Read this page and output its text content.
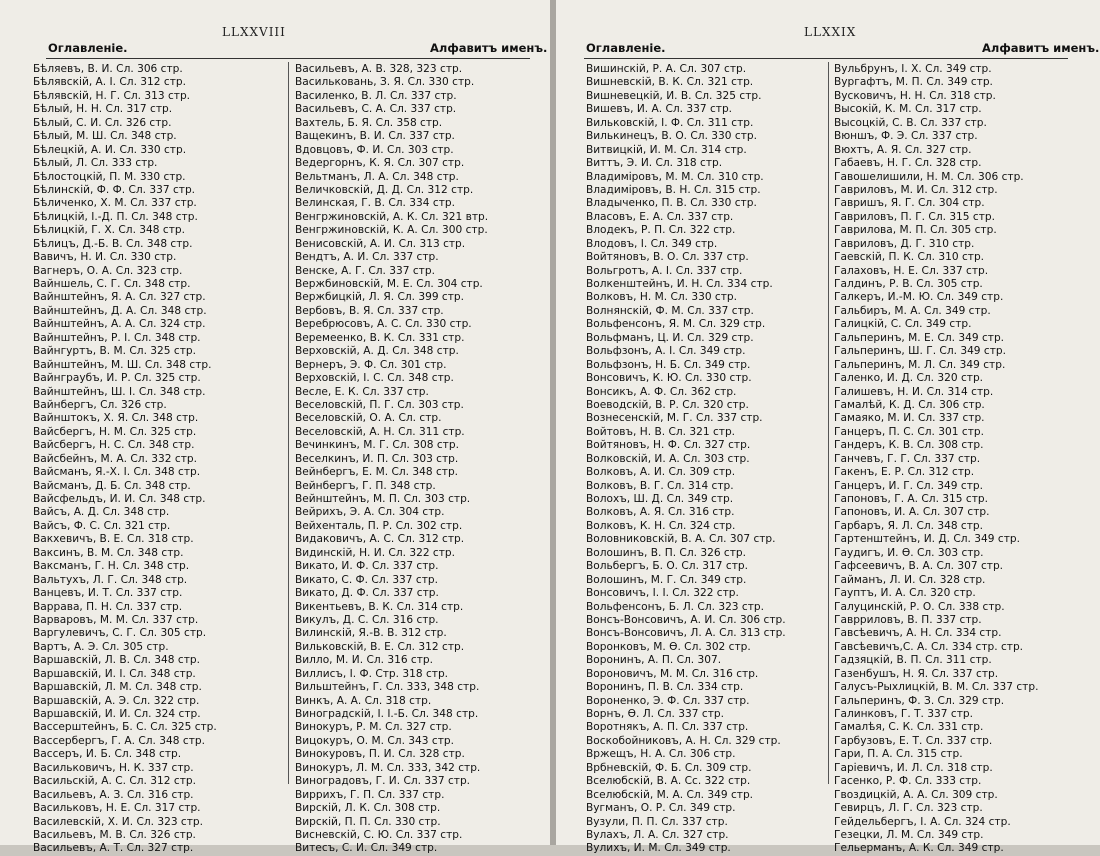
LLXXVIII
Оглавленіе.	Алфавитъ именъ.
Бѣляевъ, В. И. Сл. 306 стр.
Бѣлявскій, А. І. Сл. 312 стр.
Бѣлявскій, Н. Г. Сл. 313 стр.
Бѣлый, Н. Н. Сл. 317 стр.
Бѣлый, С. И. Сл. 326 стр.
Бѣлый, М. Ш. Сл. 348 стр.
Бѣлецкій, А. И. Сл. 330 стр.
Бѣлый, Л. Сл. 333 стр.
Бѣлостоцкій, П. М. 330 стр.
Бѣлинскій, Ф. Ф. Сл. 337 стр.
Бѣличенко, Х. М. Сл. 337 стр.
Бѣлицкій, І.-Д. П. Сл. 348 стр.
Бѣлицкій, Г. Х. Сл. 348 стр.
Бѣлицъ, Д.-Б. В. Сл. 348 стр.
Вавичъ, Н. И. Сл. 330 стр.
Вагнеръ, О. А. Сл. 323 стр.
Вайншель, С. Г. Сл. 348 стр.
Вайнштейнъ, Я. А. Сл. 327 стр.
Вайнштейнъ, Д. А. Сл. 348 стр.
Вайнштейнъ, А. А. Сл. 324 стр.
Вайнштейнъ, Р. І. Сл. 348 стр.
Вайнгуртъ, В. М. Сл. 325 стр.
Вайнштейнъ, М. Ш. Сл. 348 стр.
Вайнграубъ, И. Р. Сл. 325 стр.
Вайнштейнъ, Ш. І. Сл. 348 стр.
Вайнбергъ, Сл. 326 стр.
Вайнштокъ, Х. Я. Сл. 348 стр.
Вайсбергъ, Н. М. Сл. 325 стр.
Вайсбергъ, Н. С. Сл. 348 стр.
Вайсбейнъ, М. А. Сл. 332 стр.
Вайсманъ, Я.-Х. І. Сл. 348 стр.
Вайсманъ, Д. Б. Сл. 348 стр.
Вайсфельдъ, И. И. Сл. 348 стр.
Вайсъ, А. Д. Сл. 348 стр.
Вайсъ, Ф. С. Сл. 321 стр.
Вакхевичъ, В. Е. Сл. 318 стр.
Ваксинъ, В. М. Сл. 348 стр.
Ваксманъ, Г. Н. Сл. 348 стр.
Вальтухъ, Л. Г. Сл. 348 стр.
Ванцевъ, И. Т. Сл. 337 стр.
Варрава, П. Н. Сл. 337 стр.
Варваровъ, М. М. Сл. 337 стр.
Варгулевичъ, С. Г. Сл. 305 стр.
Вартъ, А. Э. Сл. 305 стр.
Варшавскій, Л. В. Сл. 348 стр.
Варшавскій, И. І. Сл. 348 стр.
Варшавскій, Л. М. Сл. 348 стр.
Варшавскій, А. Э. Сл. 322 стр.
Варшавскій, И. И. Сл. 324 стр.
Вассерштейнъ, Б. С. Сл. 325 стр.
Вассербергъ, Г. А. Сл. 348 стр.
Вассеръ, И. Б. Сл. 348 стр.
Васильковичъ, Н. К. 337 стр.
Васильскій, А. С. Сл. 312 стр.
Васильевъ, А. З. Сл. 316 стр.
Васильковъ, Н. Е. Сл. 317 стр.
Василевскій, Х. И. Сл. 323 стр.
Васильевъ, М. В. Сл. 326 стр.
Васильевъ, А. Т. Сл. 327 стр.
Васильевъ, А. В. 328, 323 стр.
Васильковань, З. Я. Сл. 330 стр.
Василенко, В. Л. Сл. 337 стр.
Васильевъ, С. А. Сл. 337 стр.
Вахтель, Б. Я. Сл. 358 стр.
Ващекинъ, В. И. Сл. 337 стр.
Вдовцовъ, Ф. И. Сл. 303 стр.
Ведергорнъ, К. Я. Сл. 307 стр.
Вельтманъ, Л. А. Сл. 348 стр.
Величковскій, Д. Д. Сл. 312 стр.
Велинская, Г. В. Сл. 334 стр.
Венгржиновскій, А. К. Сл. 321 втр.
Венгржиновскій, К. А. Сл. 300 стр.
Венисовскій, А. И. Сл. 313 стр.
Вендтъ, А. И. Сл. 337 стр.
Венске, А. Г. Сл. 337 стр.
Вержбиновскій, М. Е. Сл. 304 стр.
Вержбицкій, Л. Я. Сл. 399 стр.
Вербовъ, В. Я. Сл. 337 стр.
Веребрюсовъ, А. С. Сл. 330 стр.
Веремеенко, В. К. Сл. 331 стр.
Верховскій, А. Д. Сл. 348 стр.
Вернеръ, Э. Ф. Сл. 301 стр.
Верховскій, І. С. Сл. 348 стр.
Весле, Е. К. Сл. 337 стр.
Веселовскій, П. Г. Сл. 303 стр.
Веселовскій, О. А. Сл. стр.
Веселовскій, А. Н. Сл. 311 стр.
Вечинкинъ, М. Г. Сл. 308 стр.
Веселкинъ, И. П. Сл. 303 стр.
Вейнбергъ, Е. М. Сл. 348 стр.
Вейнбергъ, Г. П. 348 стр.
Вейнштейнъ, М. П. Сл. 303 стр.
Вейрихъ, Э. А. Сл. 304 стр.
Вейхенталь, П. Р. Сл. 302 стр.
Видаковичъ, А. С. Сл. 312 стр.
Видинскій, Н. И. Сл. 322 стр.
Викато, И. Ф. Сл. 337 стр.
Викато, С. Ф. Сл. 337 стр.
Викато, Д. Ф. Сл. 337 стр.
Викентьевъ, В. К. Сл. 314 стр.
Викулъ, Д. С. Сл. 316 стр.
Вилинскій, Я.-В. В. 312 стр.
Вильковскій, В. Е. Сл. 312 стр.
Вилло, М. И. Сл. 316 стр.
Виллисъ, І. Ф. Стр. 318 стр.
Вильштейнъ, Г. Сл. 333, 348 стр.
Винкъ, А. А. Сл. 318 стр.
Виноградскій, І. І.-Б. Сл. 348 стр.
Винокуръ, Р. М. Сл. 327 стр.
Вицокуръ, О. М. Сл. 343 стр.
Винокуровъ, П. И. Сл. 328 стр.
Винокуръ, Л. М. Сл. 333, 342 стр.
Виноградовъ, Г. И. Сл. 337 стр.
Виррихъ, Г. П. Сл. 337 стр.
Вирскій, Л. К. Сл. 308 стр.
Вирскій, П. П. Сл. 330 стр.
Висневскій, С. Ю. Сл. 337 стр.
Витесъ, С. И. Сл. 349 стр.
LLXXIX
Оглавленіе.	Алфавитъ именъ.
Вишинскій, Р. А. Сл. 307 стр.
Вишневскій, В. К. Сл. 321 стр.
Вишневецкій, И. В. Сл. 325 стр.
Вишевъ, И. А. Сл. 337 стр.
Вильковскій, І. Ф. Сл. 311 стр.
Вилькинецъ, В. О. Сл. 330 стр.
Витвицкій, И. М. Сл. 314 стр.
Виттъ, Э. И. Сл. 318 стр.
Владиміровъ, М. М. Сл. 310 стр.
Владиміровъ, В. Н. Сл. 315 стр.
Владыченко, П. В. Сл. 330 стр.
Власовъ, Е. А. Сл. 337 стр.
Влодекъ, Р. П. Сл. 322 стр.
Влодовъ, І. Сл. 349 стр.
Войтяновъ, В. О. Сл. 337 стр.
Вольгротъ, А. І. Сл. 337 стр.
Волкенштейнъ, И. Н. Сл. 334 стр.
Волковъ, Н. М. Сл. 330 стр.
Волнянскій, Ф. М. Сл. 337 стр.
Вольфенсонъ, Я. М. Сл. 329 стр.
Вольфманъ, Ц. И. Сл. 329 стр.
Вольфзонъ, А. І. Сл. 349 стр.
Вольфзонъ, Н. Б. Сл. 349 стр.
Вонсовичъ, К. Ю. Сл. 330 стр.
Вонсикъ, А. Ф. Сл. 362 стр.
Воеводскій, В. Р. Сл. 320 стр.
Вознесенскій, М. Г. Сл. 337 стр.
Войтовъ, Н. В. Сл. 321 стр.
Войтяновъ, Н. Ф. Сл. 327 стр.
Волковскій, И. А. Сл. 303 стр.
Волковъ, А. И. Сл. 309 стр.
Волковъ, В. Г. Сл. 314 стр.
Волохъ, Ш. Д. Сл. 349 стр.
Волковъ, А. Я. Сл. 316 стр.
Волковъ, К. Н. Сл. 324 стр.
Воловниковскій, В. А. Сл. 307 стр.
Волошинъ, В. П. Сл. 326 стр.
Вольбергъ, Б. О. Сл. 317 стр.
Волошинъ, М. Г. Сл. 349 стр.
Вонсовичъ, І. І. Сл. 322 стр.
Вольфенсонъ, Б. Л. Сл. 323 стр.
Вонсъ-Вонсовичъ, А. И. Сл. 306 стр.
Вонсъ-Вонсовичъ, Л. А. Сл. 313 стр.
Воронковъ, М. Ѳ. Сл. 302 стр.
Воронинъ, А. П. Сл. 307.
Вороновичъ, М. М. Сл. 316 стр.
Воронинъ, П. В. Сл. 334 стр.
Вороненко, Э. Ф. Сл. 337 стр.
Ворнъ, Ѳ. Л. Сл. 337 стр.
Воротнякъ, А. П. Сл. 337 стр.
Воскобойниковъ, А. Н. Сл. 329 стр.
Вржещъ, Н. А. Сл. 306 стр.
Врбневскій, Ф. Б. Сл. 309 стр.
Вселюбскій, В. А. Сс. 322 стр.
Вселюбскій, М. А. Сл. 349 стр.
Вугманъ, О. Р. Сл. 349 стр.
Вузули, П. П. Сл. 337 стр.
Вулахъ, Л. А. Сл. 327 стр.
Вулихъ, И. М. Сл. 349 стр.
Вульбрунъ, І. Х. Сл. 349 стр.
Вургафтъ, М. П. Сл. 349 стр.
Вусковичъ, Н. Н. Сл. 318 стр.
Высокій, К. М. Сл. 317 стр.
Высоцкій, С. В. Сл. 337 стр.
Вюншъ, Ф. Э. Сл. 337 стр.
Вюхтъ, А. Я. Сл. 327 стр.
Габаевъ, Н. Г. Сл. 328 стр.
Гавошелишили, Н. М. Сл. 306 стр.
Гавриловъ, М. И. Сл. 312 стр.
Гавришъ, Я. Г. Сл. 304 стр.
Гавриловъ, П. Г. Сл. 315 стр.
Гаврилова, М. П. Сл. 305 стр.
Гавриловъ, Д. Г. 310 стр.
Гаевскій, П. К. Сл. 310 стр.
Галаховъ, Н. Е. Сл. 337 стр.
Галдинъ, Р. В. Сл. 305 стр.
Галкеръ, И.-М. Ю. Сл. 349 стр.
Гальбиръ, М. А. Сл. 349 стр.
Галицкій, С. Сл. 349 стр.
Гальперинъ, М. Е. Сл. 349 стр.
Гальперинъ, Ш. Г. Сл. 349 стр.
Гальперинъ, М. Л. Сл. 349 стр.
Галенко, И. Д. Сл. 320 стр.
Галишевъ, Н. И. Сл. 314 стр.
Гамалѣй, К. Д. Сл. 306 стр.
Гамаяко, М. И. Сл. 337 стр.
Ганцеръ, П. С. Сл. 301 стр.
Гандеръ, К. В. Сл. 308 стр.
Ганчевъ, Г. Г. Сл. 337 стр.
Гакенъ, Е. Р. Сл. 312 стр.
Ганцеръ, И. Г. Сл. 349 стр.
Гапоновъ, Г. А. Сл. 315 стр.
Гапоновъ, И. А. Сл. 307 стр.
Гарбаръ, Я. Л. Сл. 348 стр.
Гартенштейнъ, И. Д. Сл. 349 стр.
Гаудигъ, И. Ѳ. Сл. 303 стр.
Гафсеевичъ, В. А. Сл. 307 стр.
Гайманъ, Л. И. Сл. 328 стр.
Гауптъ, И. А. Сл. 320 стр.
Галуцинскій, Р. О. Сл. 338 стр.
Гаврриловъ, В. П. 337 стр.
Гавсѣевичъ, А. Н. Сл. 334 стр.
Гавсѣевичъ,С. А. Сл. 334 стр. стр.
Гадзяцкій, В. П. Сл. 311 стр.
Газенбушъ, Н. Я. Сл. 337 стр.
Галусъ-Рыхлицкій, В. М. Сл. 337 стр.
Гальперинъ, Ф. З. Сл. 329 стр.
Галинковъ, Г. Т. 337 стр.
Гамалѣя, С. К. Сл. 331 стр.
Гарбузовъ, Е. Т. Сл. 337 стр.
Гари, П. А. Сл. 315 стр.
Гаріевичъ, И. Л. Сл. 318 стр.
Гасенко, Р. Ф. Сл. 333 стр.
Гвоздицкій, А. А. Сл. 309 стр.
Гевирцъ, Л. Г. Сл. 323 стр.
Гейдельбергъ, І. А. Сл. 324 стр.
Гезецки, Л. М. Сл. 349 стр.
Гельерманъ, А. К. Сл. 349 стр.
